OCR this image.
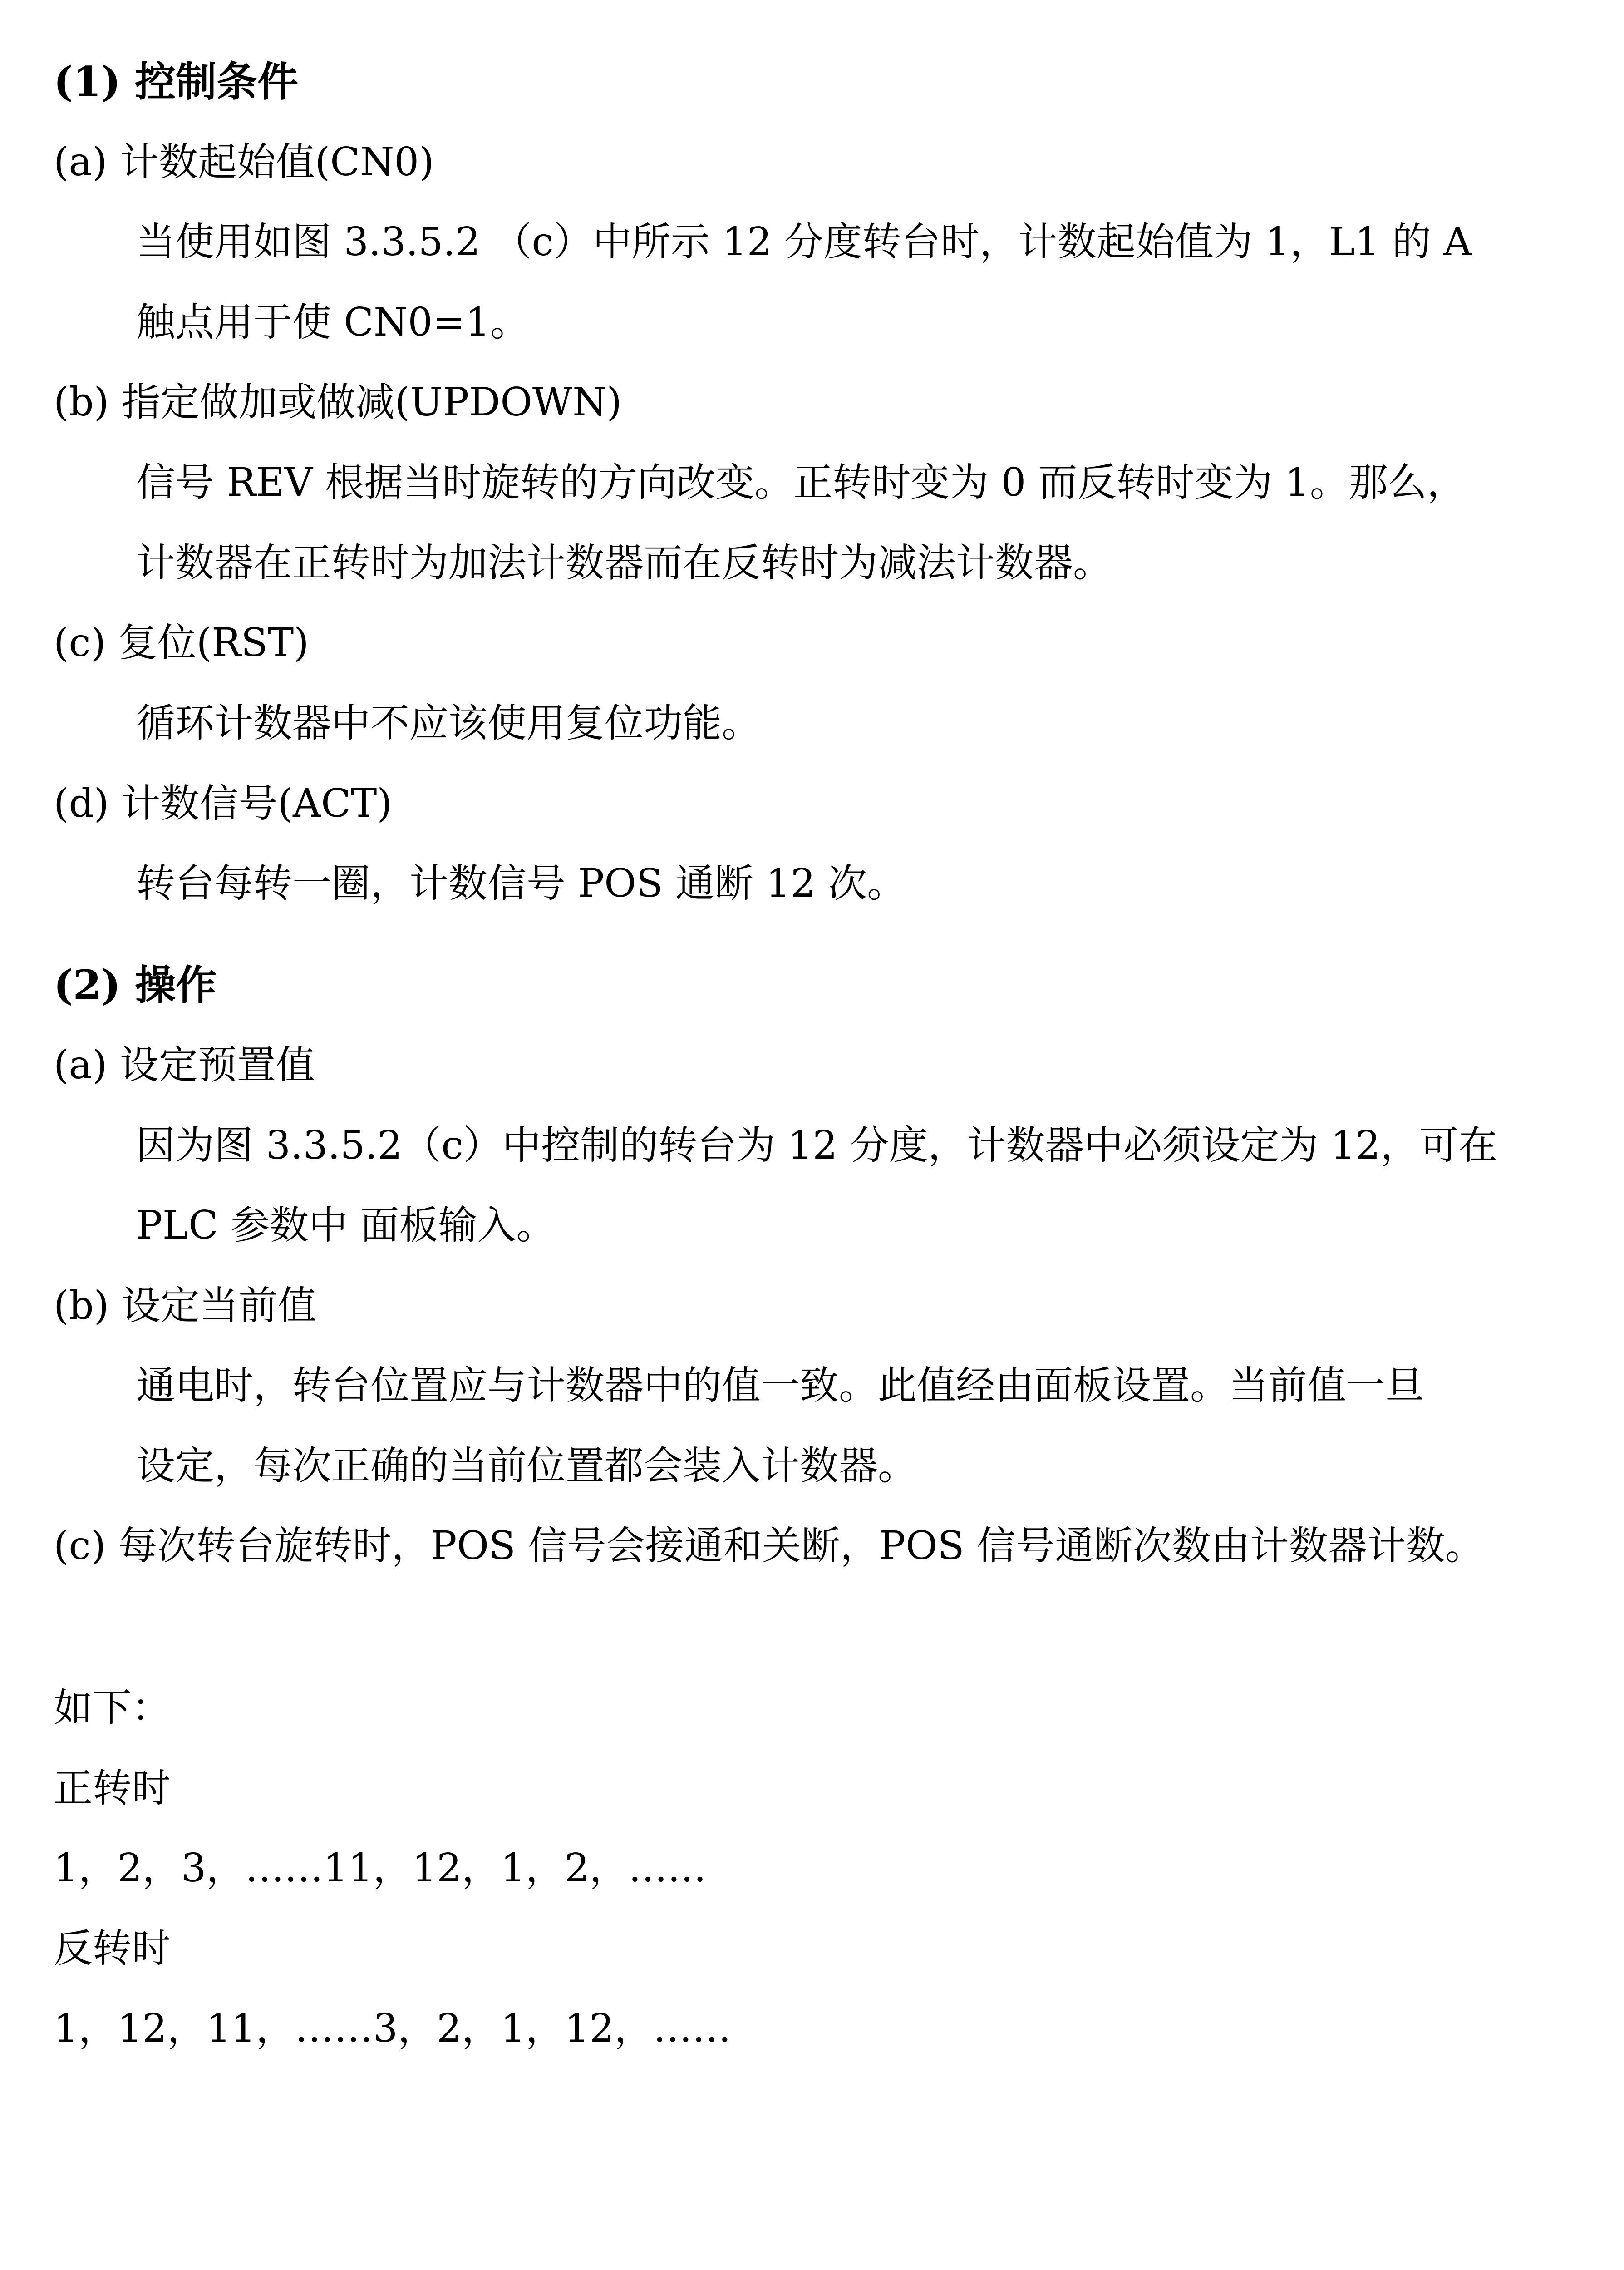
(1) 控制条件
(a) 计数起始值(CN0)
当使用如图 3.3.5.2 （c）中所示 12 分度转台时，计数起始值为 1，L1 的 A
触点用于使 CN0=1。
(b) 指定做加或做减(UPDOWN)
信号 REV 根据当时旋转的方向改变。正转时变为 0 而反转时变为 1。那么，
计数器在正转时为加法计数器而在反转时为减法计数器。
(c) 复位(RST)
循环计数器中不应该使用复位功能。
(d) 计数信号(ACT)
转台每转一圈，计数信号 POS 通断 12 次。
(2) 操作
(a) 设定预置值
因为图 3.3.5.2（c）中控制的转台为 12 分度，计数器中必须设定为 12，可在
PLC 参数中 面板输入。
(b) 设定当前值
通电时，转台位置应与计数器中的值一致。此值经由面板设置。当前值一旦
设定，每次正确的当前位置都会装入计数器。
(c) 每次转台旋转时，POS 信号会接通和关断，POS 信号通断次数由计数器计数。
如下：
正转时
1，2，3，……11，12，1，2，……
反转时
1，12，11，……3，2，1，12，……
